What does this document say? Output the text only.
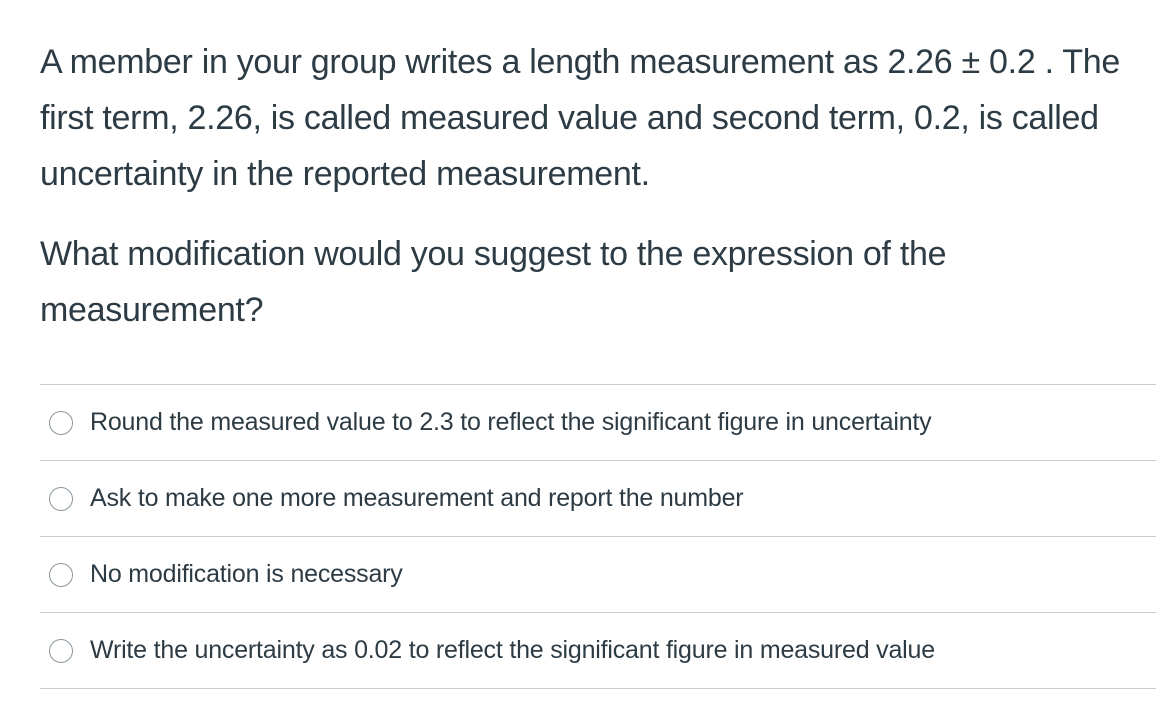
A member in your group writes a length measurement as 2.26 ± 0.2 . The first term, 2.26, is called measured value and second term, 0.2, is called uncertainty in the reported measurement.

What modification would you suggest to the expression of the measurement?

Round the measured value to 2.3 to reflect the significant figure in uncertainty
Ask to make one more measurement and report the number
No modification is necessary
Write the uncertainty as 0.02 to reflect the significant figure in measured value
